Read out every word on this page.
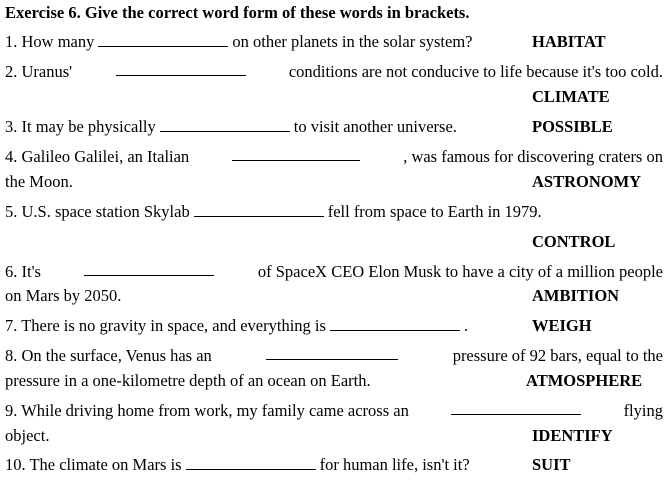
Exercise 6. Give the correct word form of these words in brackets.
1. How many	on other planets in the solar system?	HABITAT
2. Uranus'	conditions are not conducive to life because it's too cold.
CLIMATE
3. It may be physically	to visit another universe.	POSSIBLE
4. Galileo Galilei, an Italian	, was famous for discovering craters on
the Moon.	ASTRONOMY
5. U.S. space station Skylab	fell from space to Earth in 1979.
CONTROL
6. It's	of SpaceX CEO Elon Musk to have a city of a million people
on Mars by 2050.	AMBITION
7. There is no gravity in space, and everything is	.	WEIGH
8. On the surface, Venus has an	pressure of 92 bars, equal to the
pressure in a one-kilometre depth of an ocean on Earth.	ATMOSPHERE
9. While driving home from work, my family came across an	flying
object.	IDENTIFY
10. The climate on Mars is	for human life, isn't it?	SUIT
